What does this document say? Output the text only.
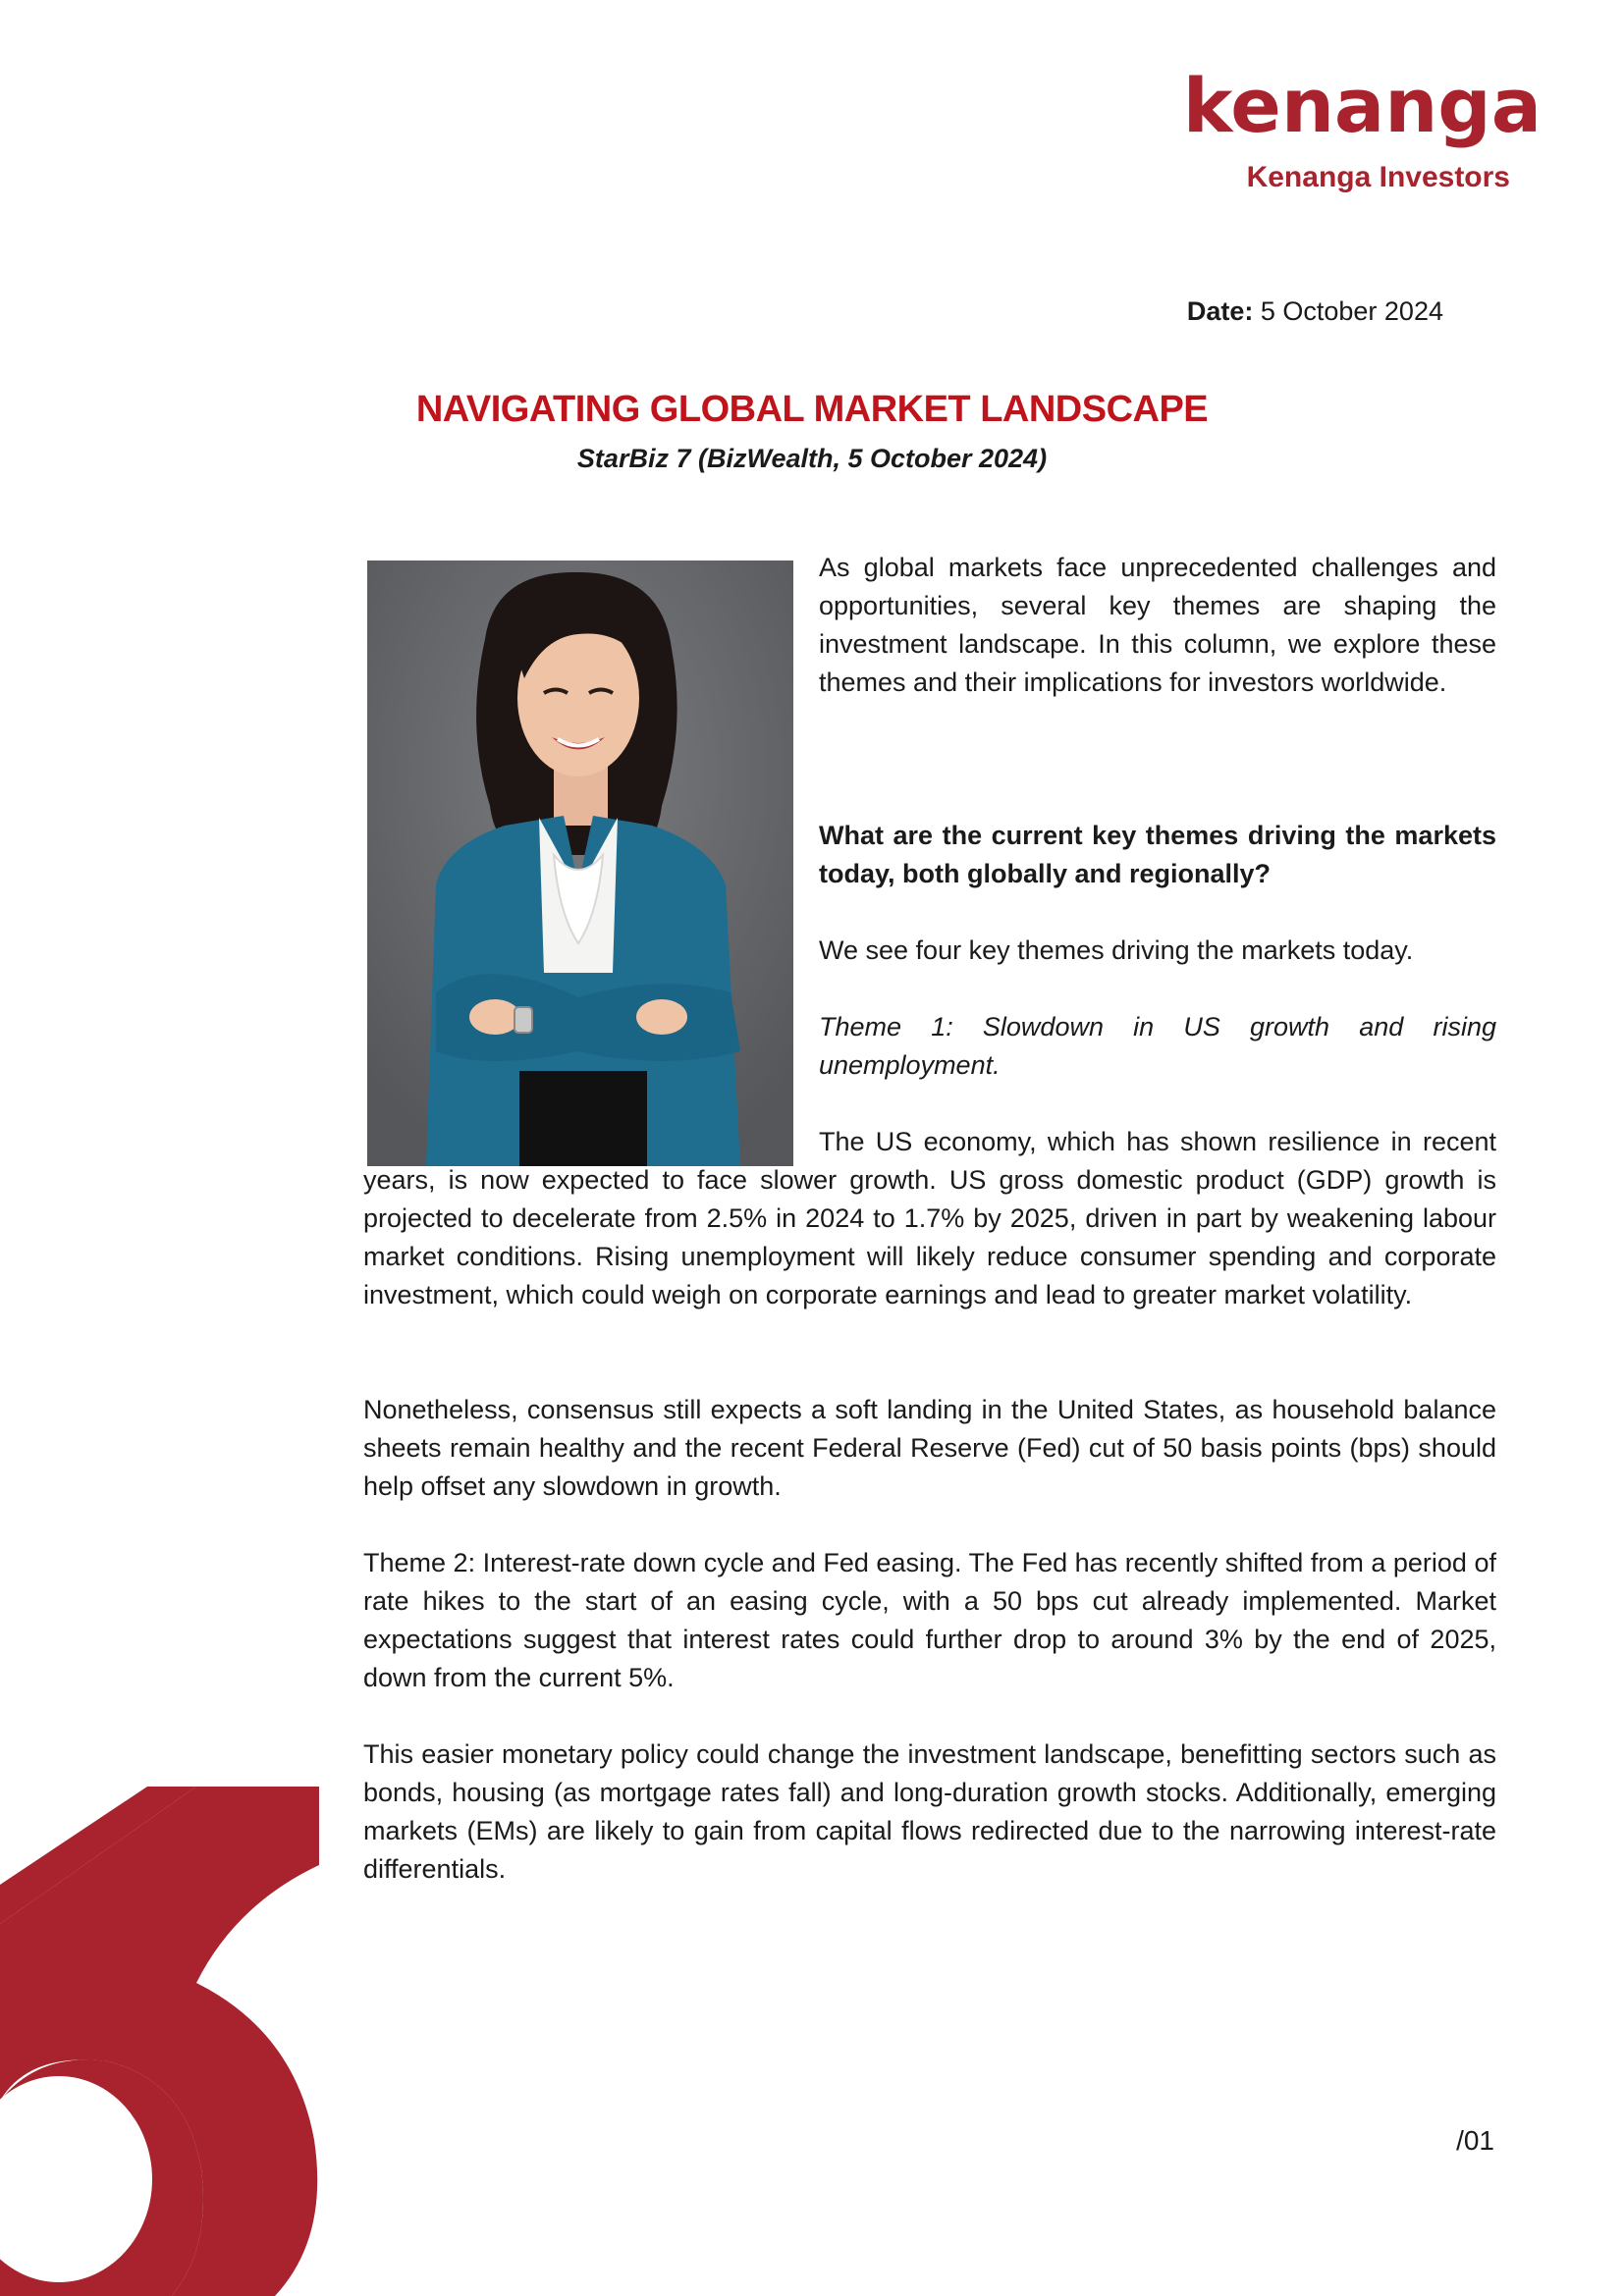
kenanga
Kenanga Investors
Date: 5 October 2024
NAVIGATING GLOBAL MARKET LANDSCAPE
StarBiz 7 (BizWealth, 5 October 2024)

As global markets face unprecedented challenges and opportunities, several key themes are shaping the investment landscape. In this column, we explore these themes and their implications for investors worldwide.

What are the current key themes driving the markets today, both globally and regionally?

We see four key themes driving the markets today.

Theme 1: Slowdown in US growth and rising unemployment.

The US economy, which has shown resilience in recent years, is now expected to face slower growth. US gross domestic product (GDP) growth is projected to decelerate from 2.5% in 2024 to 1.7% by 2025, driven in part by weakening labour market conditions. Rising unemployment will likely reduce consumer spending and corporate investment, which could weigh on corporate earnings and lead to greater market volatility.

Nonetheless, consensus still expects a soft landing in the United States, as household balance sheets remain healthy and the recent Federal Reserve (Fed) cut of 50 basis points (bps) should help offset any slowdown in growth.

Theme 2: Interest-rate down cycle and Fed easing. The Fed has recently shifted from a period of rate hikes to the start of an easing cycle, with a 50 bps cut already implemented. Market expectations suggest that interest rates could further drop to around 3% by the end of 2025, down from the current 5%.

This easier monetary policy could change the investment landscape, benefitting sectors such as bonds, housing (as mortgage rates fall) and long-duration growth stocks. Additionally, emerging markets (EMs) are likely to gain from capital flows redirected due to the narrowing interest-rate differentials.

/01
